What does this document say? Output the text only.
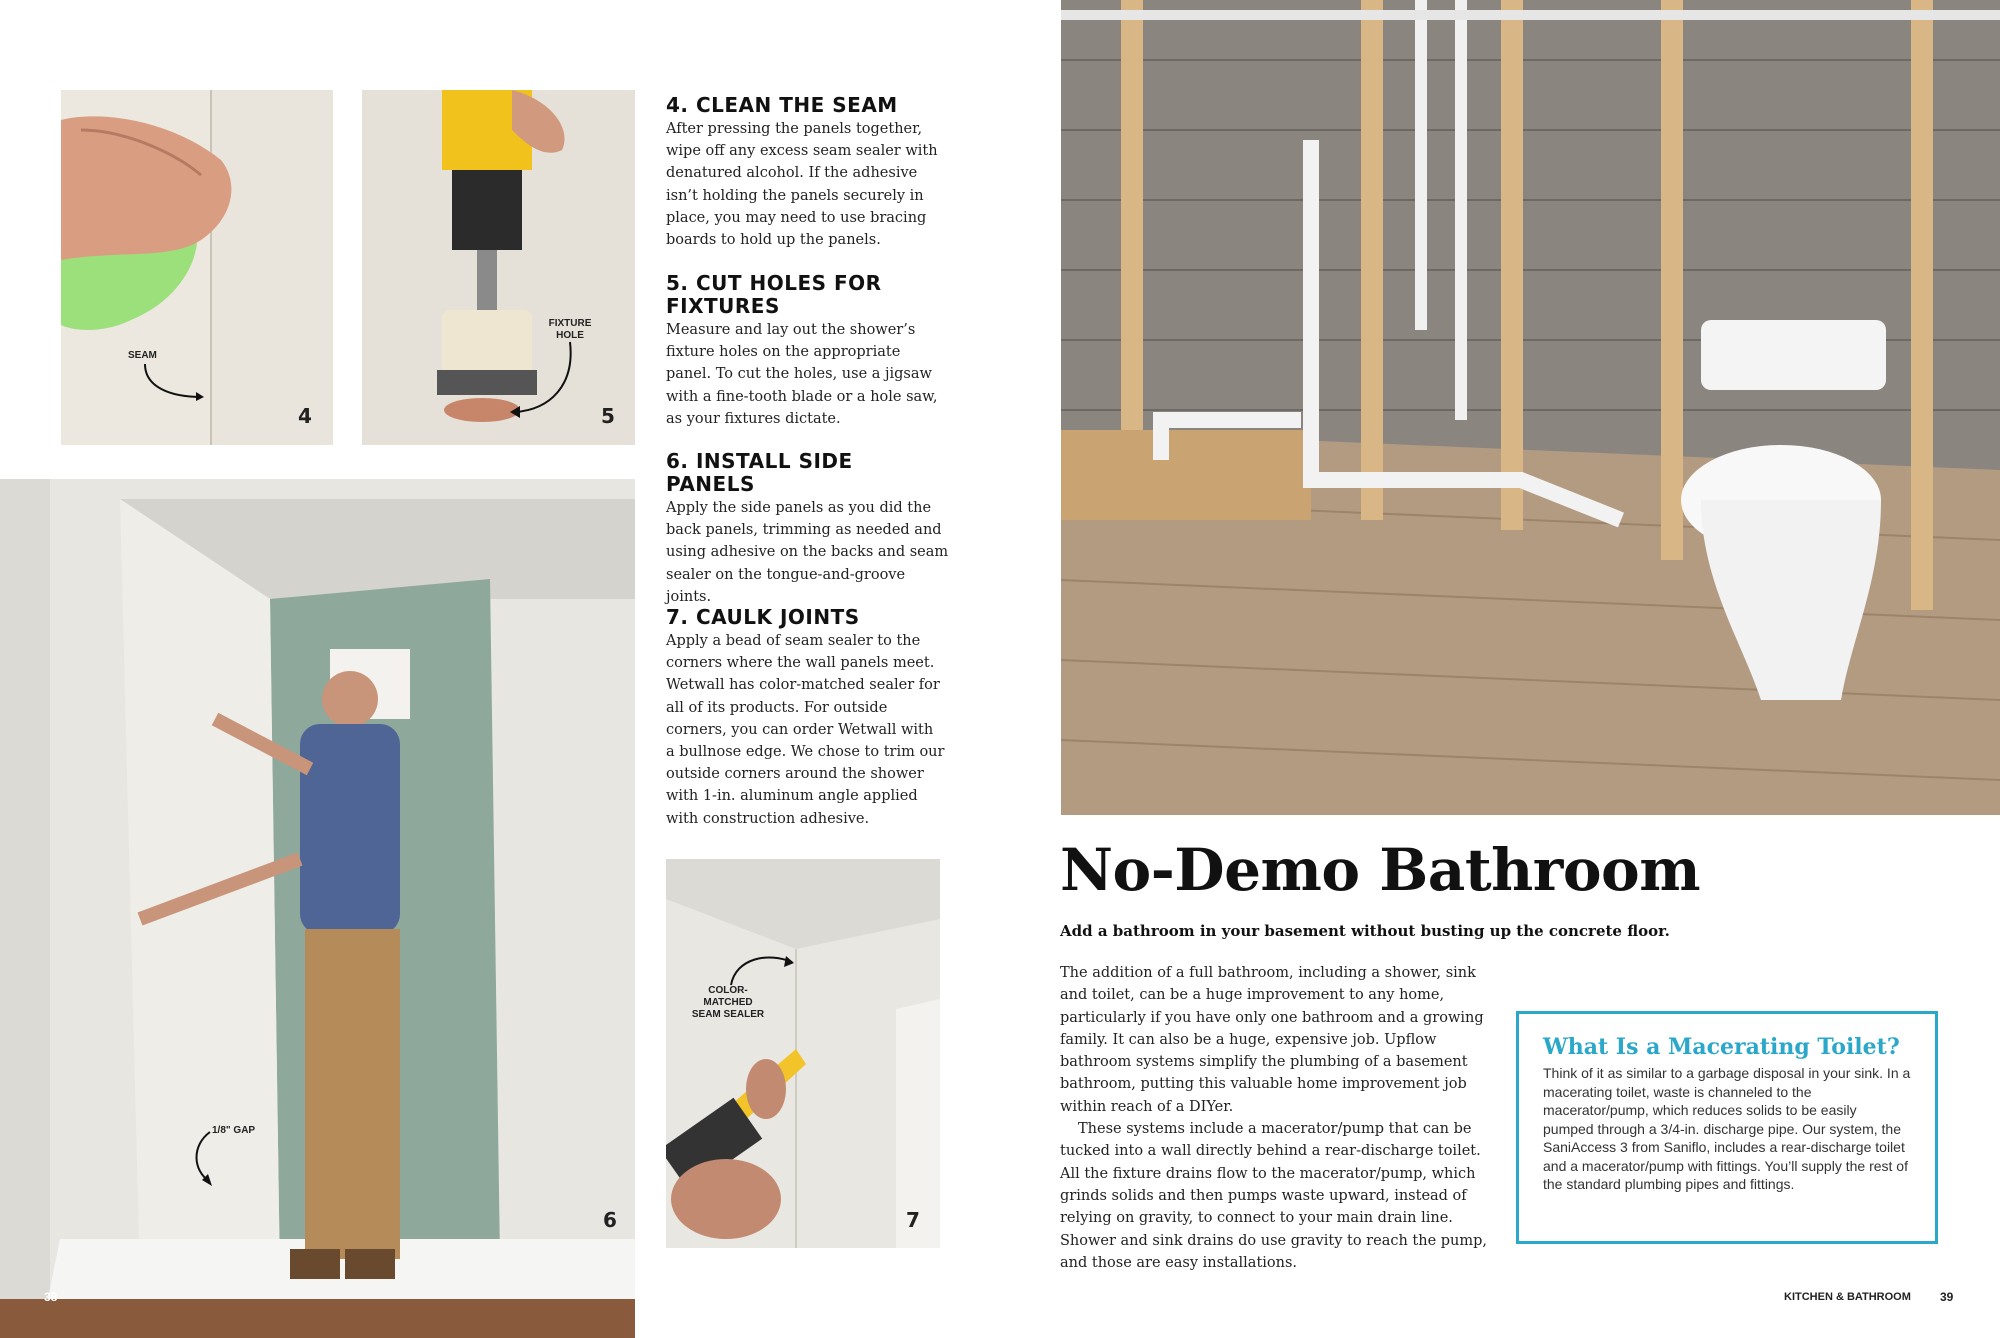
SEAM
4
FIXTURE HOLE
5
1/8" GAP
6
38
COLOR-MATCHED SEAM SEALER
7
4. CLEAN THE SEAM

After pressing the panels together, wipe off any excess seam sealer with denatured alcohol. If the adhesive isn’t holding the panels securely in place, you may need to use bracing boards to hold up the panels.

5. CUT HOLES FOR FIXTURES

Measure and lay out the shower’s fixture holes on the appropriate panel. To cut the holes, use a jigsaw with a fine-tooth blade or a hole saw, as your fixtures dictate.

6. INSTALL SIDE PANELS

Apply the side panels as you did the back panels, trimming as needed and using adhesive on the backs and seam sealer on the tongue-and-groove joints.

7. CAULK JOINTS

Apply a bead of seam sealer to the corners where the wall panels meet. Wetwall has color-matched sealer for all of its products. For outside corners, you can order Wetwall with a bullnose edge. We chose to trim our outside corners around the shower with 1-in. aluminum angle applied with construction adhesive.

No-Demo Bathroom
Add a bathroom in your basement without busting up the concrete floor.

The addition of a full bathroom, including a shower, sink and toilet, can be a huge improvement to any home, particularly if you have only one bathroom and a growing family. It can also be a huge, expensive job. Upflow bathroom systems simplify the plumbing of a basement bathroom, putting this valuable home improvement job within reach of a DIYer.

These systems include a macerator/pump that can be tucked into a wall directly behind a rear-discharge toilet. All the fixture drains flow to the macerator/pump, which grinds solids and then pumps waste upward, instead of relying on gravity, to connect to your main drain line. Shower and sink drains do use gravity to reach the pump, and those are easy installations.

What Is a Macerating Toilet?

Think of it as similar to a garbage disposal in your sink. In a macerating toilet, waste is channeled to the macerator/pump, which reduces solids to be easily pumped through a 3/4-in. discharge pipe. Our system, the SaniAccess 3 from Saniflo, includes a rear-discharge toilet and a macerator/pump with fittings. You’ll supply the rest of the standard plumbing pipes and fittings.

KITCHEN & BATHROOM 39
